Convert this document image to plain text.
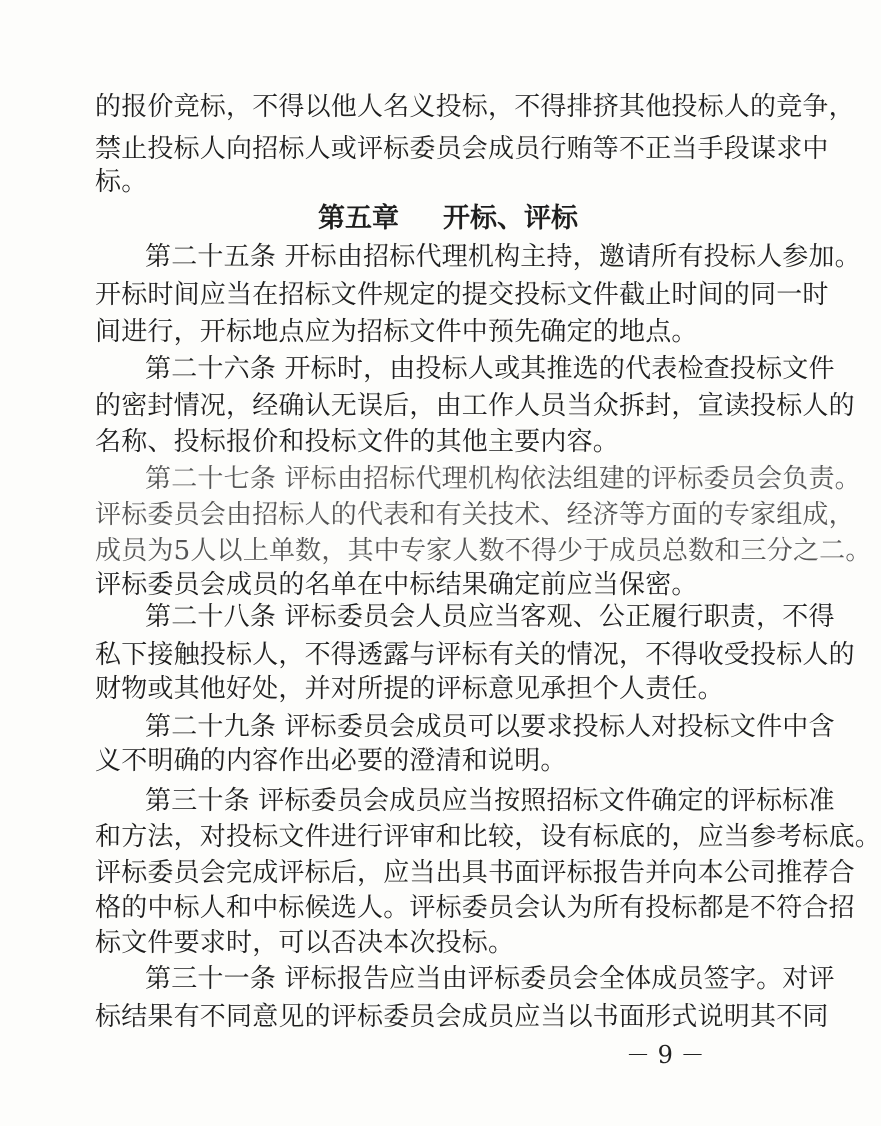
的报价竞标，不得以他人名义投标，不得排挤其他投标人的竞争，
禁止投标人向招标人或评标委员会成员行贿等不正当手段谋求中
标。
第五章 开标、评标
第二十五条 开标由招标代理机构主持，邀请所有投标人参加。
开标时间应当在招标文件规定的提交投标文件截止时间的同一时
间进行，开标地点应为招标文件中预先确定的地点。
第二十六条 开标时，由投标人或其推选的代表检查投标文件
的密封情况，经确认无误后，由工作人员当众拆封，宣读投标人的
名称、投标报价和投标文件的其他主要内容。
第二十七条 评标由招标代理机构依法组建的评标委员会负责。
评标委员会由招标人的代表和有关技术、经济等方面的专家组成，
成员为5人以上单数，其中专家人数不得少于成员总数和三分之二。
评标委员会成员的名单在中标结果确定前应当保密。
第二十八条 评标委员会人员应当客观、公正履行职责，不得
私下接触投标人，不得透露与评标有关的情况，不得收受投标人的
财物或其他好处，并对所提的评标意见承担个人责任。
第二十九条 评标委员会成员可以要求投标人对投标文件中含
义不明确的内容作出必要的澄清和说明。
第三十条 评标委员会成员应当按照招标文件确定的评标标准
和方法，对投标文件进行评审和比较，设有标底的，应当参考标底。
评标委员会完成评标后，应当出具书面评标报告并向本公司推荐合
格的中标人和中标候选人。评标委员会认为所有投标都是不符合招
标文件要求时，可以否决本次投标。
第三十一条 评标报告应当由评标委员会全体成员签字。对评
标结果有不同意见的评标委员会成员应当以书面形式说明其不同
－ 9 －
